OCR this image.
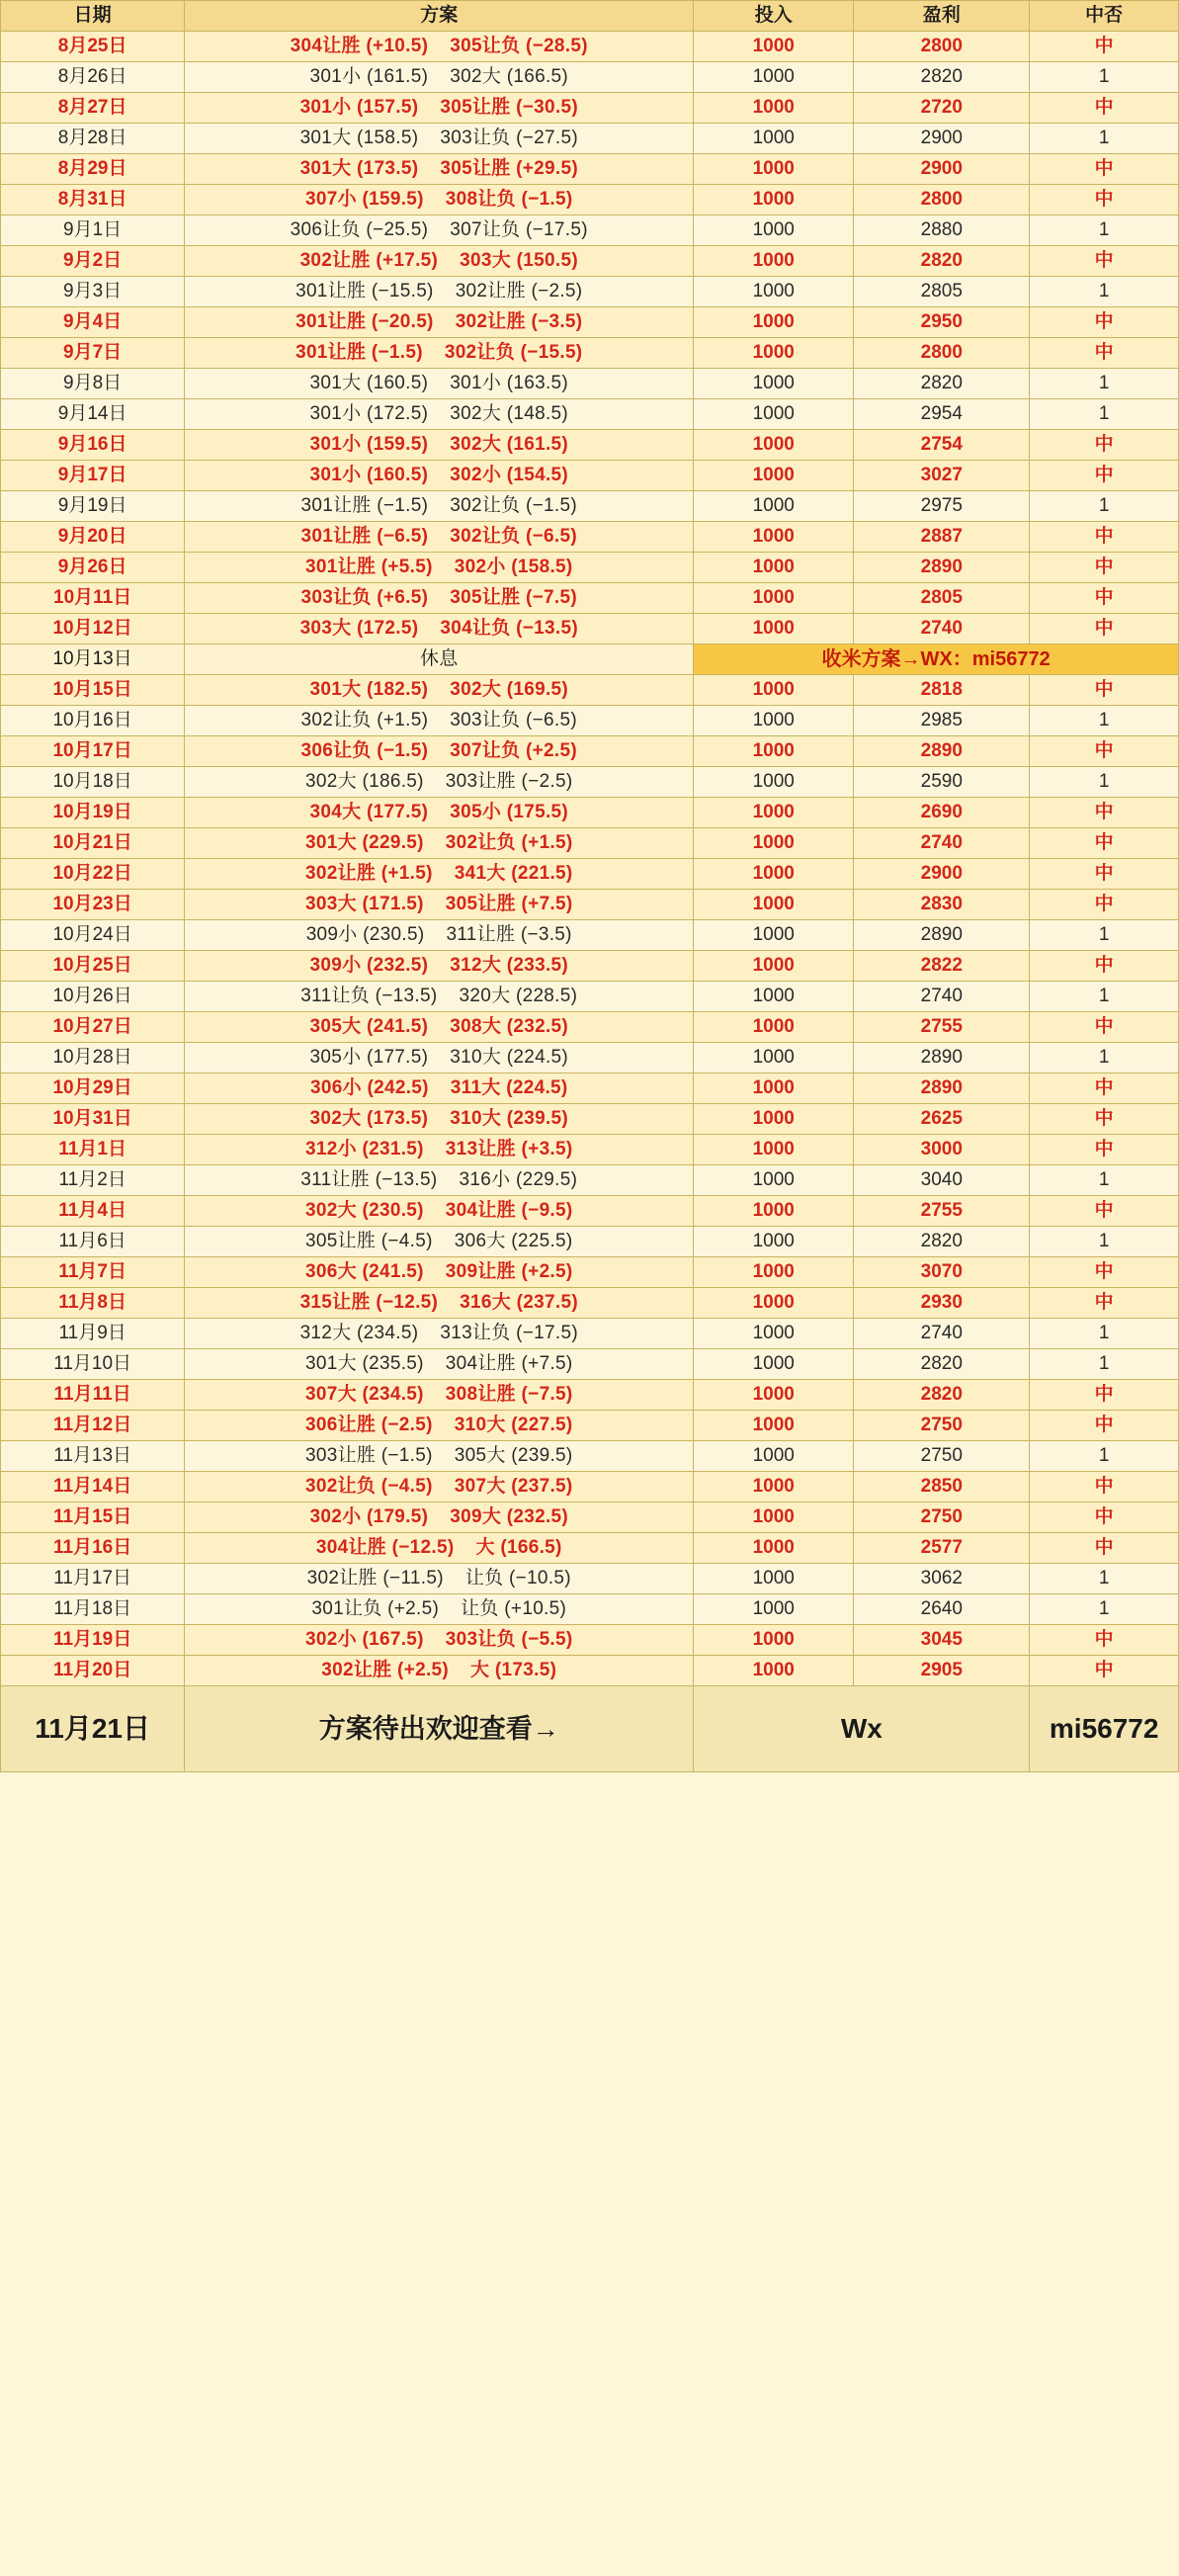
日期	方案	投入	盈利	中否
8月25日	304让胜 (+10.5) 305让负 (−28.5)	1000	2800	中
8月26日	301小 (161.5) 302大 (166.5)	1000	2820	1
8月27日	301小 (157.5) 305让胜 (−30.5)	1000	2720	中
8月28日	301大 (158.5) 303让负 (−27.5)	1000	2900	1
8月29日	301大 (173.5) 305让胜 (+29.5)	1000	2900	中
8月31日	307小 (159.5) 308让负 (−1.5)	1000	2800	中
9月1日	306让负 (−25.5) 307让负 (−17.5)	1000	2880	1
9月2日	302让胜 (+17.5) 303大 (150.5)	1000	2820	中
9月3日	301让胜 (−15.5) 302让胜 (−2.5)	1000	2805	1
9月4日	301让胜 (−20.5) 302让胜 (−3.5)	1000	2950	中
9月7日	301让胜 (−1.5) 302让负 (−15.5)	1000	2800	中
9月8日	301大 (160.5) 301小 (163.5)	1000	2820	1
9月14日	301小 (172.5) 302大 (148.5)	1000	2954	1
9月16日	301小 (159.5) 302大 (161.5)	1000	2754	中
9月17日	301小 (160.5) 302小 (154.5)	1000	3027	中
9月19日	301让胜 (−1.5) 302让负 (−1.5)	1000	2975	1
9月20日	301让胜 (−6.5) 302让负 (−6.5)	1000	2887	中
9月26日	301让胜 (+5.5) 302小 (158.5)	1000	2890	中
10月11日	303让负 (+6.5) 305让胜 (−7.5)	1000	2805	中
10月12日	303大 (172.5) 304让负 (−13.5)	1000	2740	中
10月13日	休息	收米方案→WX：mi56772		
10月15日	301大 (182.5) 302大 (169.5)	1000	2818	中
10月16日	302让负 (+1.5) 303让负 (−6.5)	1000	2985	1
10月17日	306让负 (−1.5) 307让负 (+2.5)	1000	2890	中
10月18日	302大 (186.5) 303让胜 (−2.5)	1000	2590	1
10月19日	304大 (177.5) 305小 (175.5)	1000	2690	中
10月21日	301大 (229.5) 302让负 (+1.5)	1000	2740	中
10月22日	302让胜 (+1.5) 341大 (221.5)	1000	2900	中
10月23日	303大 (171.5) 305让胜 (+7.5)	1000	2830	中
10月24日	309小 (230.5) 311让胜 (−3.5)	1000	2890	1
10月25日	309小 (232.5) 312大 (233.5)	1000	2822	中
10月26日	311让负 (−13.5) 320大 (228.5)	1000	2740	1
10月27日	305大 (241.5) 308大 (232.5)	1000	2755	中
10月28日	305小 (177.5) 310大 (224.5)	1000	2890	1
10月29日	306小 (242.5) 311大 (224.5)	1000	2890	中
10月31日	302大 (173.5) 310大 (239.5)	1000	2625	中
11月1日	312小 (231.5) 313让胜 (+3.5)	1000	3000	中
11月2日	311让胜 (−13.5) 316小 (229.5)	1000	3040	1
11月4日	302大 (230.5) 304让胜 (−9.5)	1000	2755	中
11月6日	305让胜 (−4.5) 306大 (225.5)	1000	2820	1
11月7日	306大 (241.5) 309让胜 (+2.5)	1000	3070	中
11月8日	315让胜 (−12.5) 316大 (237.5)	1000	2930	中
11月9日	312大 (234.5) 313让负 (−17.5)	1000	2740	1
11月10日	301大 (235.5) 304让胜 (+7.5)	1000	2820	1
11月11日	307大 (234.5) 308让胜 (−7.5)	1000	2820	中
11月12日	306让胜 (−2.5) 310大 (227.5)	1000	2750	中
11月13日	303让胜 (−1.5) 305大 (239.5)	1000	2750	1
11月14日	302让负 (−4.5) 307大 (237.5)	1000	2850	中
11月15日	302小 (179.5) 309大 (232.5)	1000	2750	中
11月16日	304让胜 (−12.5) 大 (166.5)	1000	2577	中
11月17日	302让胜 (−11.5) 让负 (−10.5)	1000	3062	1
11月18日	301让负 (+2.5) 让负 (+10.5)	1000	2640	1
11月19日	302小 (167.5) 303让负 (−5.5)	1000	3045	中
11月20日	302让胜 (+2.5) 大 (173.5)	1000	2905	中
11月21日	方案待出欢迎查看→	Wx		mi56772
